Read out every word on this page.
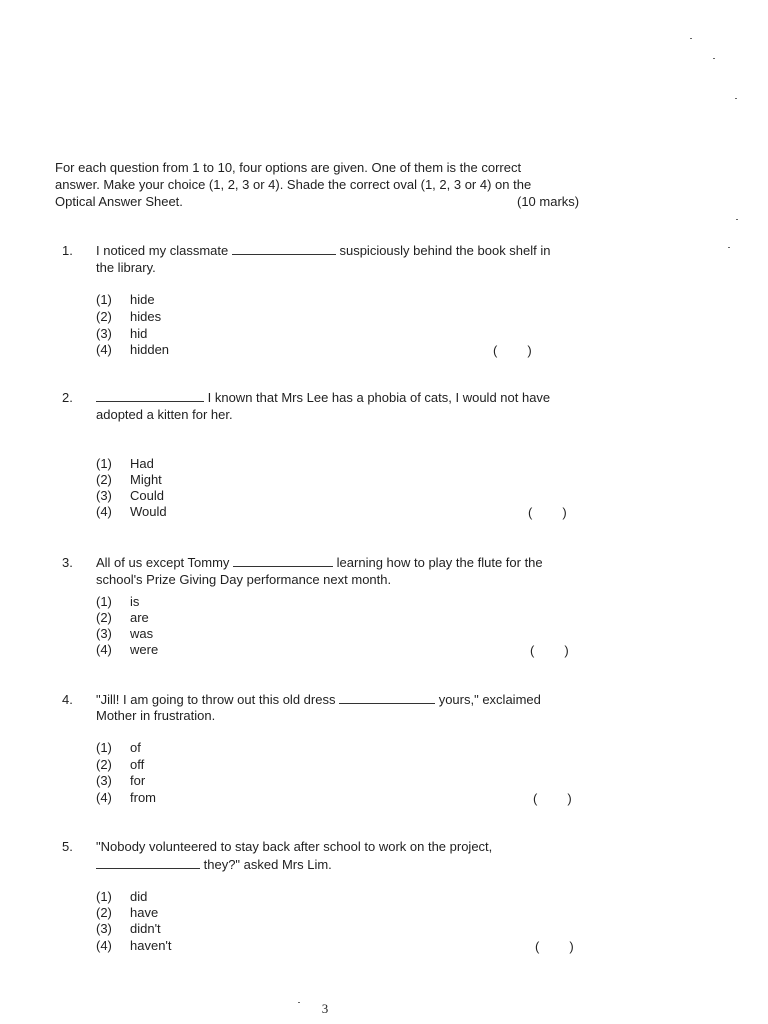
For each question from 1 to 10, four options are given. One of them is the correct
answer. Make your choice (1, 2, 3 or 4). Shade the correct oval (1, 2, 3 or 4) on the
Optical Answer Sheet.	(10 marks)
1. I noticed my classmate	suspiciously behind the book shelf in
the library.
(1) hide
(2) hides
(3) hid
(4) hidden	( )
2.	I known that Mrs Lee has a phobia of cats, I would not have
adopted a kitten for her.
(1) Had
(2) Might
(3) Could
(4) Would	( )
3. All of us except Tommy	learning how to play the flute for the
school's Prize Giving Day performance next month.
(1) is
(2) are
(3) was
(4) were	( )
4. "Jill! I am going to throw out this old dress	yours," exclaimed
Mother in frustration.
(1) of
(2) off
(3) for
(4) from	( )
5. "Nobody volunteered to stay back after school to work on the project,
they?" asked Mrs Lim.
(1) did
(2) have
(3) didn't
(4) haven't	( )
3
